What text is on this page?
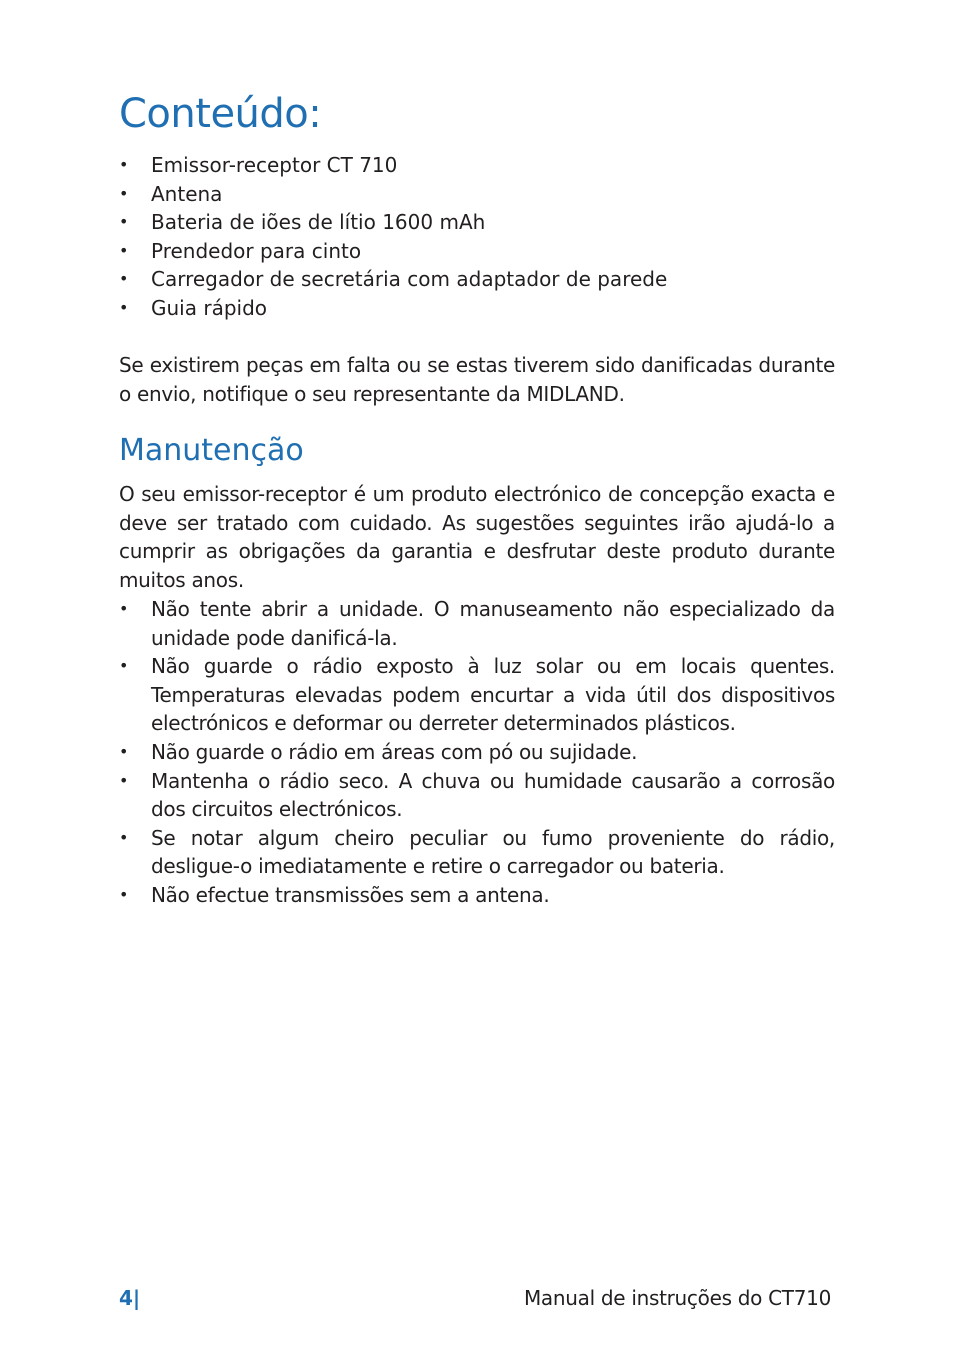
Conteúdo:
• Emissor-receptor CT 710
• Antena
• Bateria de iões de lítio 1600 mAh
• Prendedor para cinto
• Carregador de secretária com adaptador de parede
• Guia rápido

Se existirem peças em falta ou se estas tiverem sido danificadas durante o envio, notifique o seu representante da MIDLAND.

Manutenção

O seu emissor-receptor é um produto electrónico de concepção exacta e deve ser tratado com cuidado. As sugestões seguintes irão ajudá-lo a cumprir as obrigações da garantia e desfrutar deste produto durante muitos anos.

• Não tente abrir a unidade. O manuseamento não especializado da unidade pode danificá-la.
• Não guarde o rádio exposto à luz solar ou em locais quentes. Temperaturas elevadas podem encurtar a vida útil dos dispositivos electrónicos e deformar ou derreter determinados plásticos.
• Não guarde o rádio em áreas com pó ou sujidade.
• Mantenha o rádio seco. A chuva ou humidade causarão a corrosão dos circuitos electrónicos.
• Se notar algum cheiro peculiar ou fumo proveniente do rádio, desligue-o imediatamente e retire o carregador ou bateria.
• Não efectue transmissões sem a antena.
4|	Manual de instruções do CT710
